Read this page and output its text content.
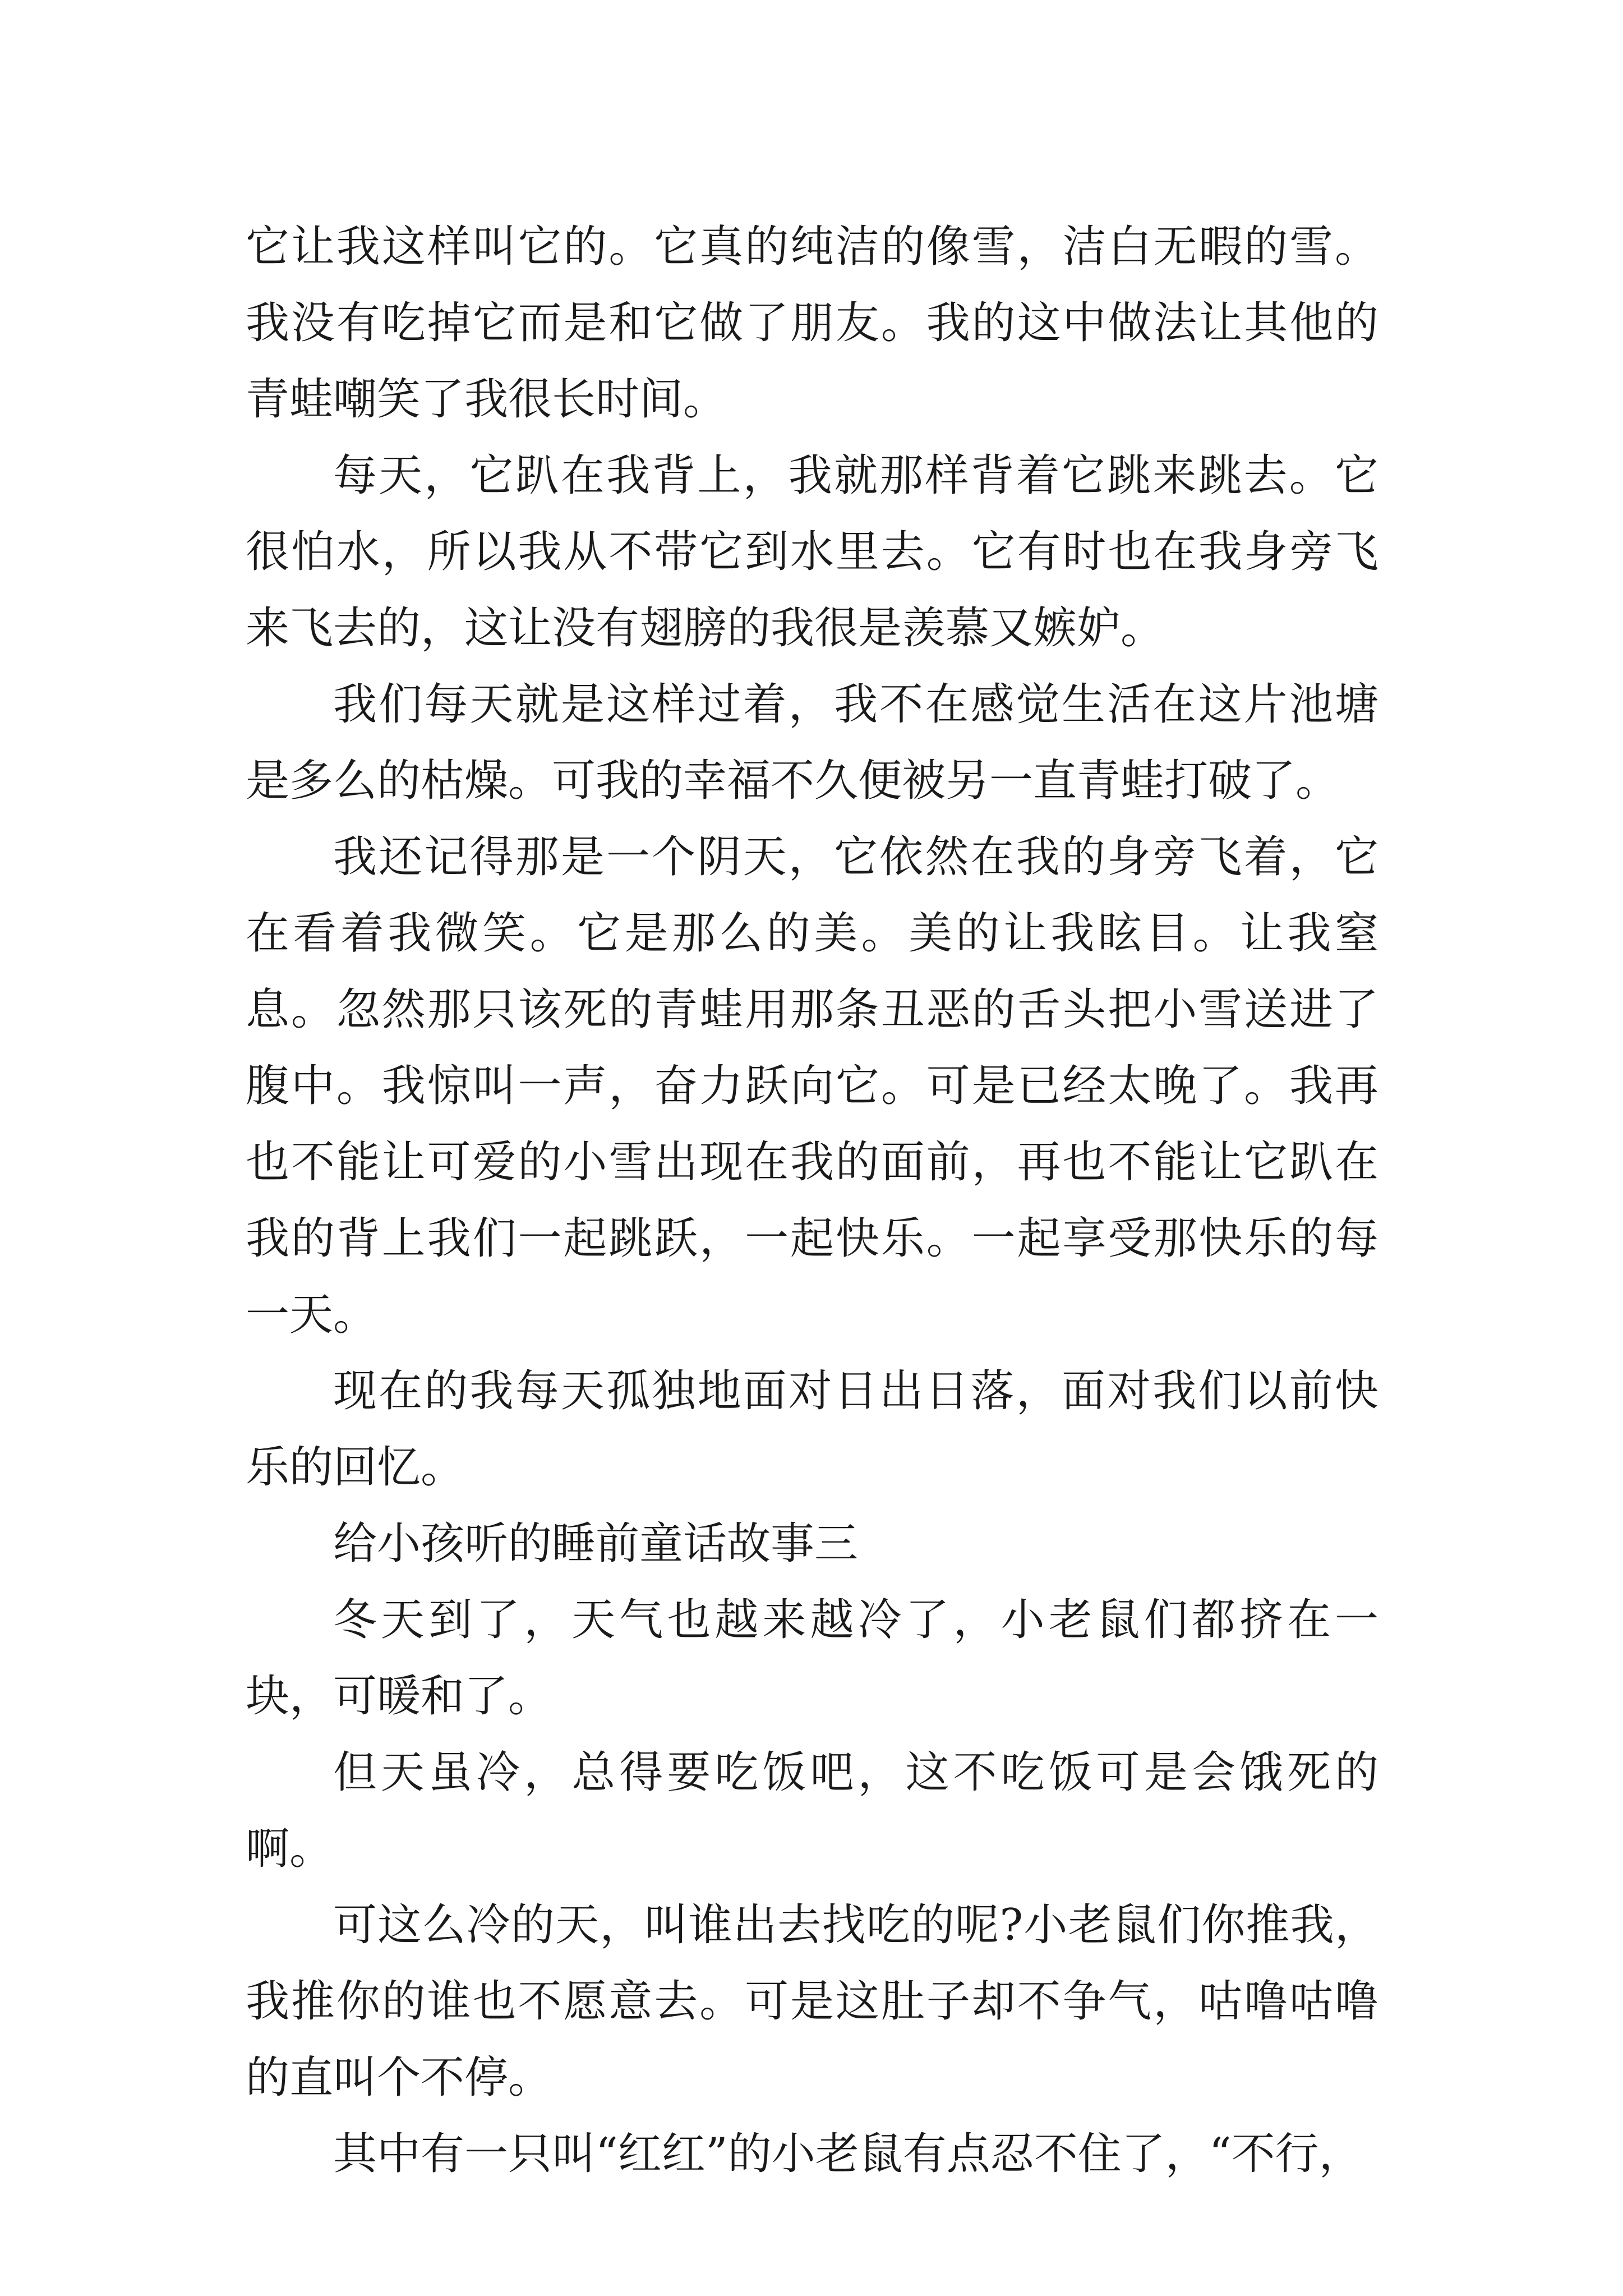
它让我这样叫它的。它真的纯洁的像雪，洁白无暇的雪。我没有吃掉它而是和它做了朋友。我的这中做法让其他的青蛙嘲笑了我很长时间。

每天，它趴在我背上，我就那样背着它跳来跳去。它很怕水，所以我从不带它到水里去。它有时也在我身旁飞来飞去的，这让没有翅膀的我很是羡慕又嫉妒。

我们每天就是这样过着，我不在感觉生活在这片池塘是多么的枯燥。可我的幸福不久便被另一直青蛙打破了。

我还记得那是一个阴天，它依然在我的身旁飞着，它在看着我微笑。它是那么的美。美的让我眩目。让我窒息。忽然那只该死的青蛙用那条丑恶的舌头把小雪送进了腹中。我惊叫一声，奋力跃向它。可是已经太晚了。我再也不能让可爱的小雪出现在我的面前，再也不能让它趴在我的背上我们一起跳跃，一起快乐。一起享受那快乐的每一天。

现在的我每天孤独地面对日出日落，面对我们以前快乐的回忆。

给小孩听的睡前童话故事三

冬天到了，天气也越来越冷了，小老鼠们都挤在一块，可暖和了。

但天虽冷，总得要吃饭吧，这不吃饭可是会饿死的啊。

可这么冷的天，叫谁出去找吃的呢?小老鼠们你推我，我推你的谁也不愿意去。可是这肚子却不争气，咕噜咕噜的直叫个不停。

其中有一只叫“红红”的小老鼠有点忍不住了，“不行，
